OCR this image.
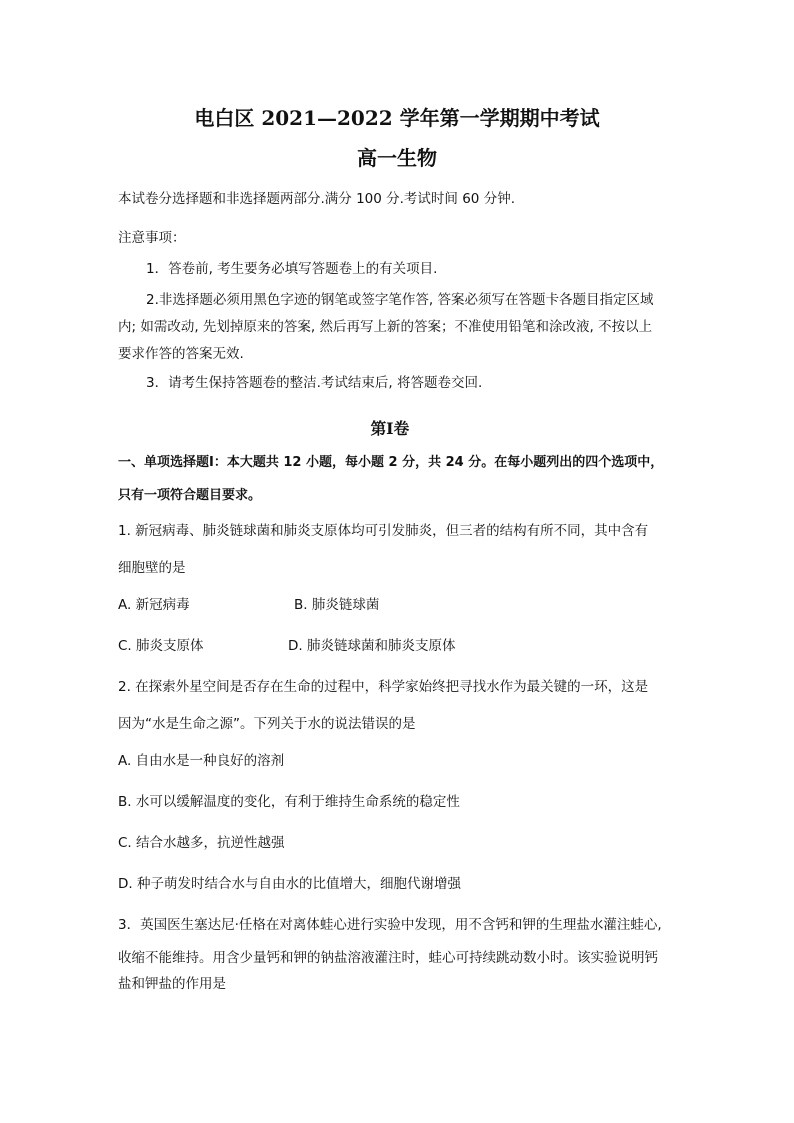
电白区 2021—2022 学年第一学期期中考试
高一生物
本试卷分选择题和非选择题两部分.满分 100 分.考试时间 60 分钟.
注意事项：
1．答卷前, 考生要务必填写答题卷上的有关项目.
2.非选择题必须用黑色字迹的钢笔或签字笔作答, 答案必须写在答题卡各题目指定区域
内; 如需改动, 先划掉原来的答案, 然后再写上新的答案；不准使用铅笔和涂改液, 不按以上
要求作答的答案无效.
3．请考生保持答题卷的整洁.考试结束后, 将答题卷交回.
第Ⅰ卷
一、单项选择题Ⅰ：本大题共 12 小题，每小题 2 分，共 24 分。在每小题列出的四个选项中，
只有一项符合题目要求。
1. 新冠病毒、肺炎链球菌和肺炎支原体均可引发肺炎，但三者的结构有所不同，其中含有
细胞壁的是
A. 新冠病毒	B. 肺炎链球菌
C. 肺炎支原体	D. 肺炎链球菌和肺炎支原体
2. 在探索外星空间是否存在生命的过程中，科学家始终把寻找水作为最关键的一环，这是
因为“水是生命之源”。下列关于水的说法错误的是
A. 自由水是一种良好的溶剂
B. 水可以缓解温度的变化，有利于维持生命系统的稳定性
C. 结合水越多，抗逆性越强
D. 种子萌发时结合水与自由水的比值增大，细胞代谢增强
3．英国医生塞达尼·任格在对离体蛙心进行实验中发现，用不含钙和钾的生理盐水灌注蛙心,
收缩不能维持。用含少量钙和钾的钠盐溶液灌注时，蛙心可持续跳动数小时。该实验说明钙
盐和钾盐的作用是
